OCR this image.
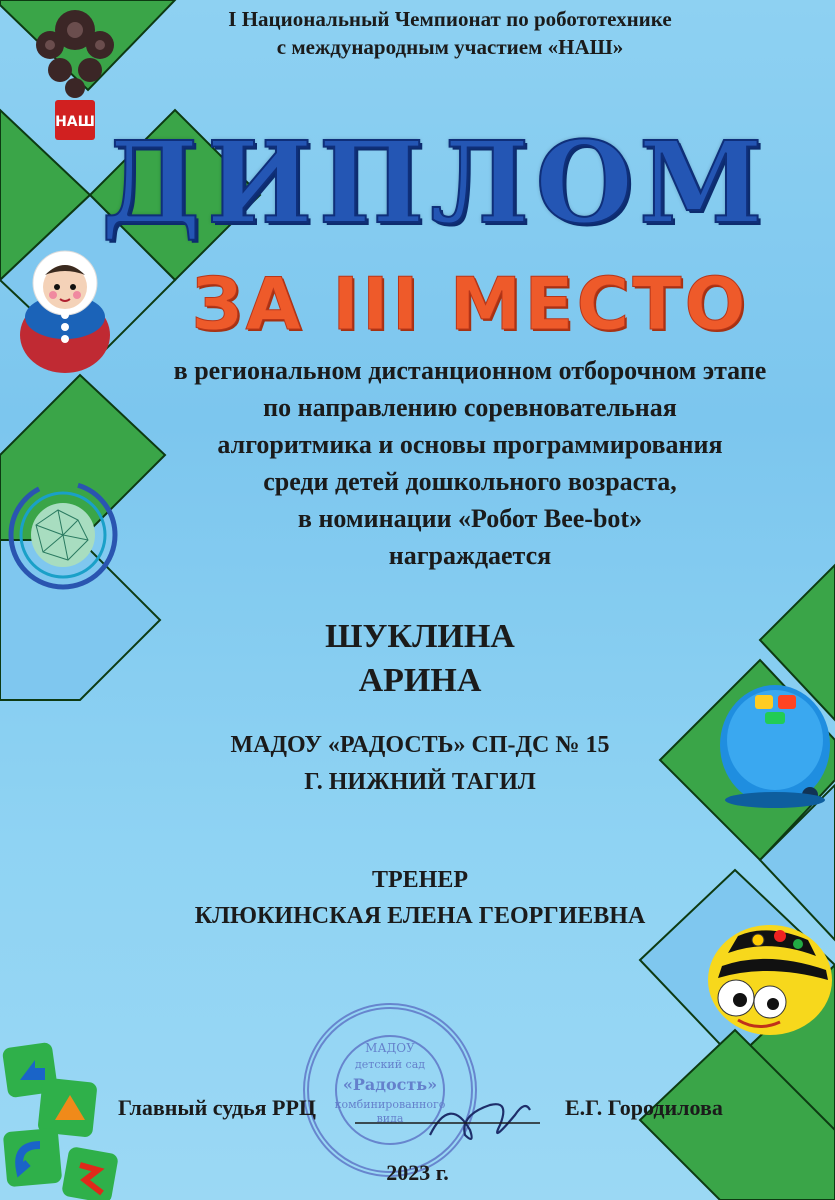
НАШ
I Национальный Чемпионат по робототехнике
с международным участием «НАШ»
ДИПЛОМ
ЗА III МЕСТО
в региональном дистанционном отборочном этапе
по направлению соревновательная
алгоритмика и основы программирования
среди детей дошкольного возраста,
в номинации «Робот Bee-bot»
награждается
ШУКЛИНА
АРИНА
МАДОУ «РАДОСТЬ» СП-ДС № 15
Г. НИЖНИЙ ТАГИЛ
ТРЕНЕР
КЛЮКИНСКАЯ ЕЛЕНА ГЕОРГИЕВНА
МАДОУ
детский сад
«Радость»
комбинированного
вида
Главный судья РРЦ	Е.Г. Городилова
2023 г.
